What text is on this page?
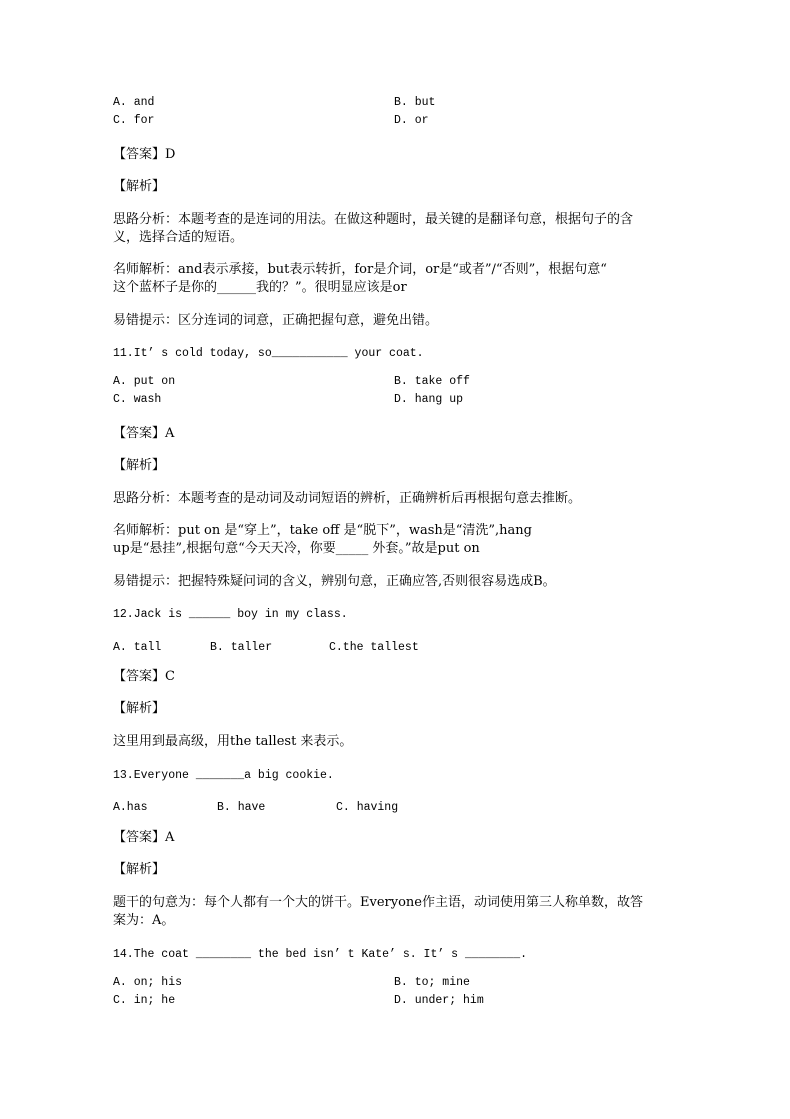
A. and	B. but
C. for	D. or
【答案】D
【解析】
思路分析：本题考查的是连词的用法。在做这种题时，最关键的是翻译句意，根据句子的含
义，选择合适的短语。
名师解析：and表示承接，but表示转折，for是介词，or是“或者”/“否则”，根据句意“
这个蓝杯子是你的______我的？”。很明显应该是or
易错提示：区分连词的词意，正确把握句意，避免出错。
11.It’ s cold today, so___________ your coat.
A. put on	B. take off
C. wash	D. hang up
【答案】A
【解析】
思路分析：本题考查的是动词及动词短语的辨析，正确辨析后再根据句意去推断。
名师解析：put on 是“穿上”，take off 是“脱下”，wash是“清洗”,hang
up是“悬挂”,根据句意“今天天冷，你要_____ 外套。”故是put on
易错提示：把握特殊疑问词的含义，辨别句意，正确应答,否则很容易选成B。
12.Jack is ______ boy in my class.
A. tall	B. taller	C.the tallest
【答案】C
【解析】
这里用到最高级，用the tallest 来表示。
13.Everyone _______a big cookie.
A.has	B. have	C. having
【答案】A
【解析】
题干的句意为：每个人都有一个大的饼干。Everyone作主语，动词使用第三人称单数，故答
案为：A。
14.The coat ________ the bed isn’ t Kate’ s. It’ s ________.
A. on; his	B. to; mine
C. in; he	D. under; him
